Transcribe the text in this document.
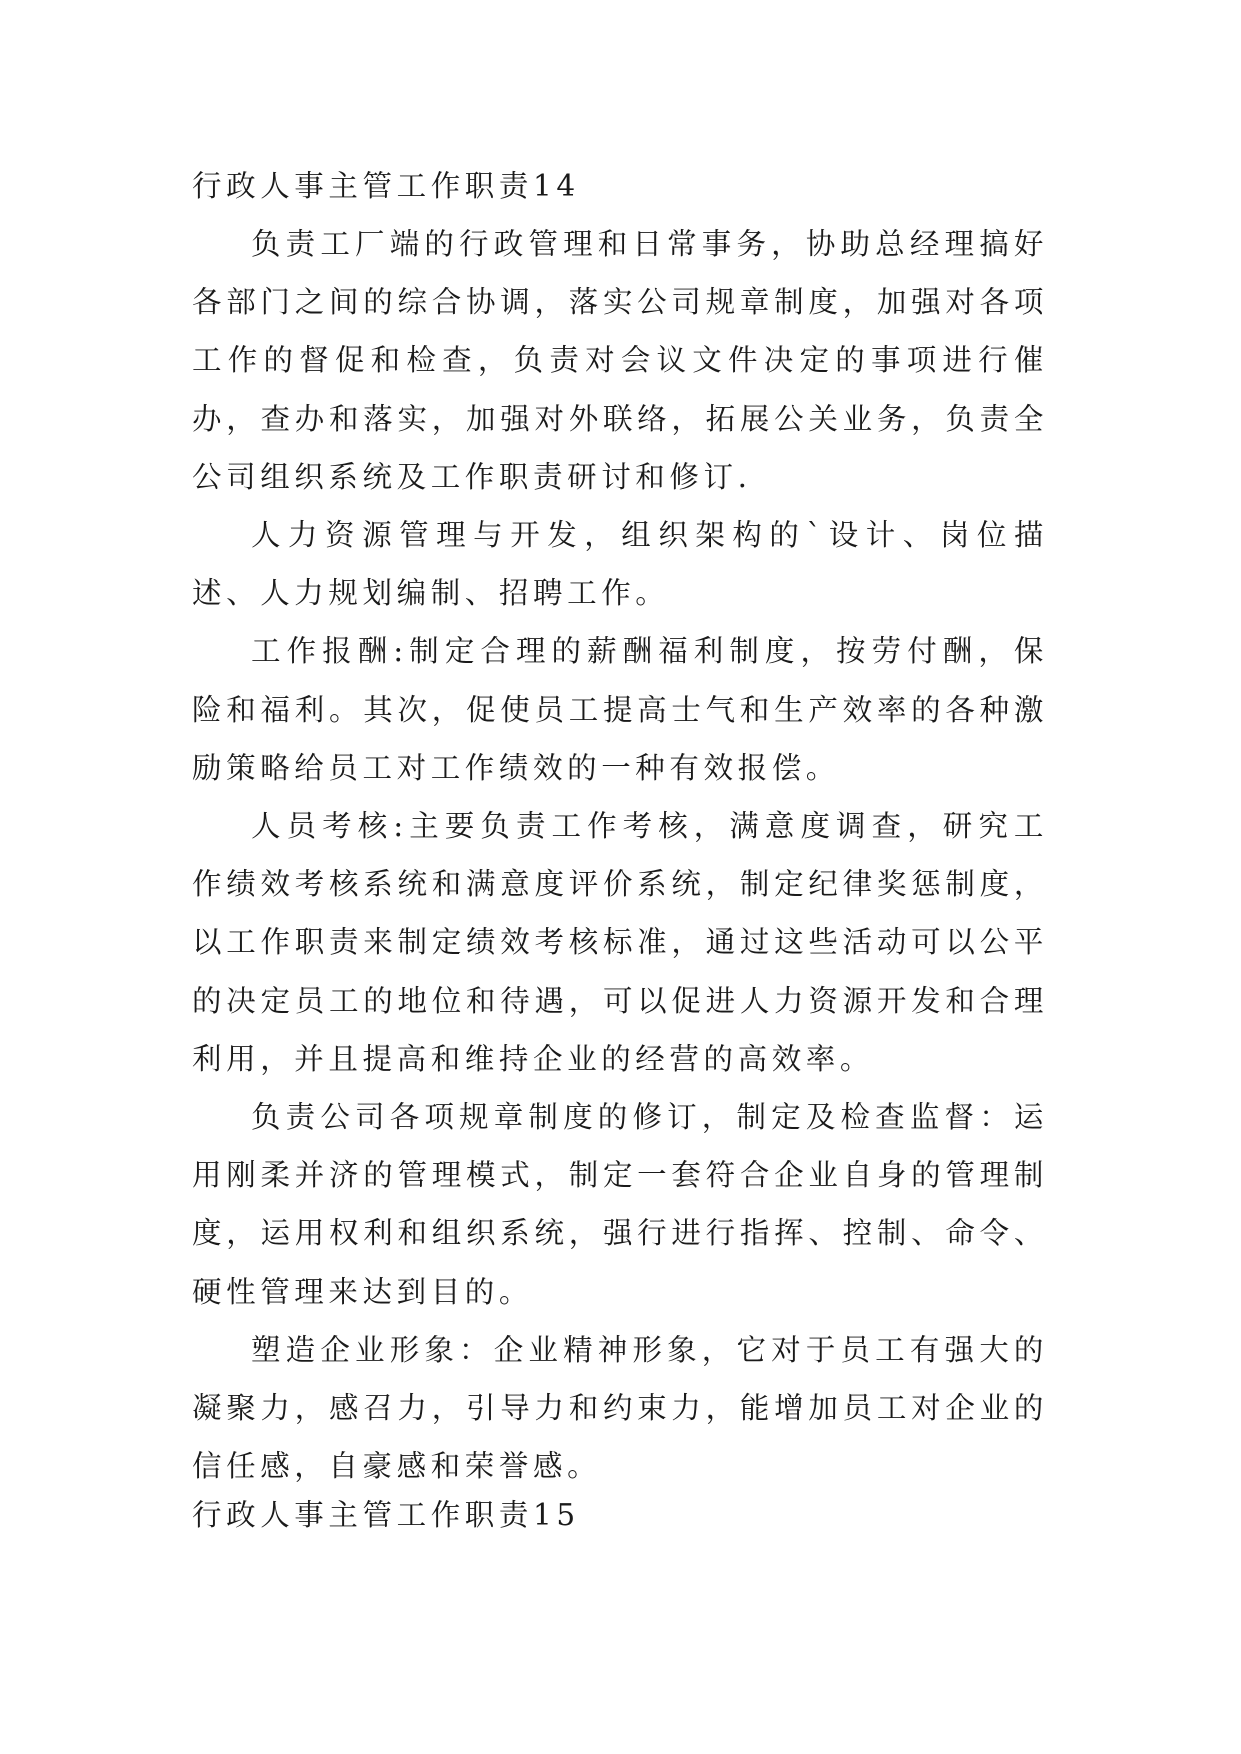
行政人事主管工作职责14

负责工厂端的行政管理和日常事务，协助总经理搞好各部门之间的综合协调，落实公司规章制度，加强对各项工作的督促和检查，负责对会议文件决定的事项进行催办，查办和落实，加强对外联络，拓展公关业务，负责全公司组织系统及工作职责研讨和修订.

人力资源管理与开发，组织架构的`设计、岗位描述、人力规划编制、招聘工作。

工作报酬:制定合理的薪酬福利制度，按劳付酬，保险和福利。其次，促使员工提高士气和生产效率的各种激励策略给员工对工作绩效的一种有效报偿。

人员考核:主要负责工作考核，满意度调查，研究工作绩效考核系统和满意度评价系统，制定纪律奖惩制度，以工作职责来制定绩效考核标准，通过这些活动可以公平的决定员工的地位和待遇，可以促进人力资源开发和合理利用，并且提高和维持企业的经营的高效率。

负责公司各项规章制度的修订，制定及检查监督：运用刚柔并济的管理模式，制定一套符合企业自身的管理制度，运用权利和组织系统，强行进行指挥、控制、命令、硬性管理来达到目的。

塑造企业形象：企业精神形象，它对于员工有强大的凝聚力，感召力，引导力和约束力，能增加员工对企业的信任感，自豪感和荣誉感。

行政人事主管工作职责15
